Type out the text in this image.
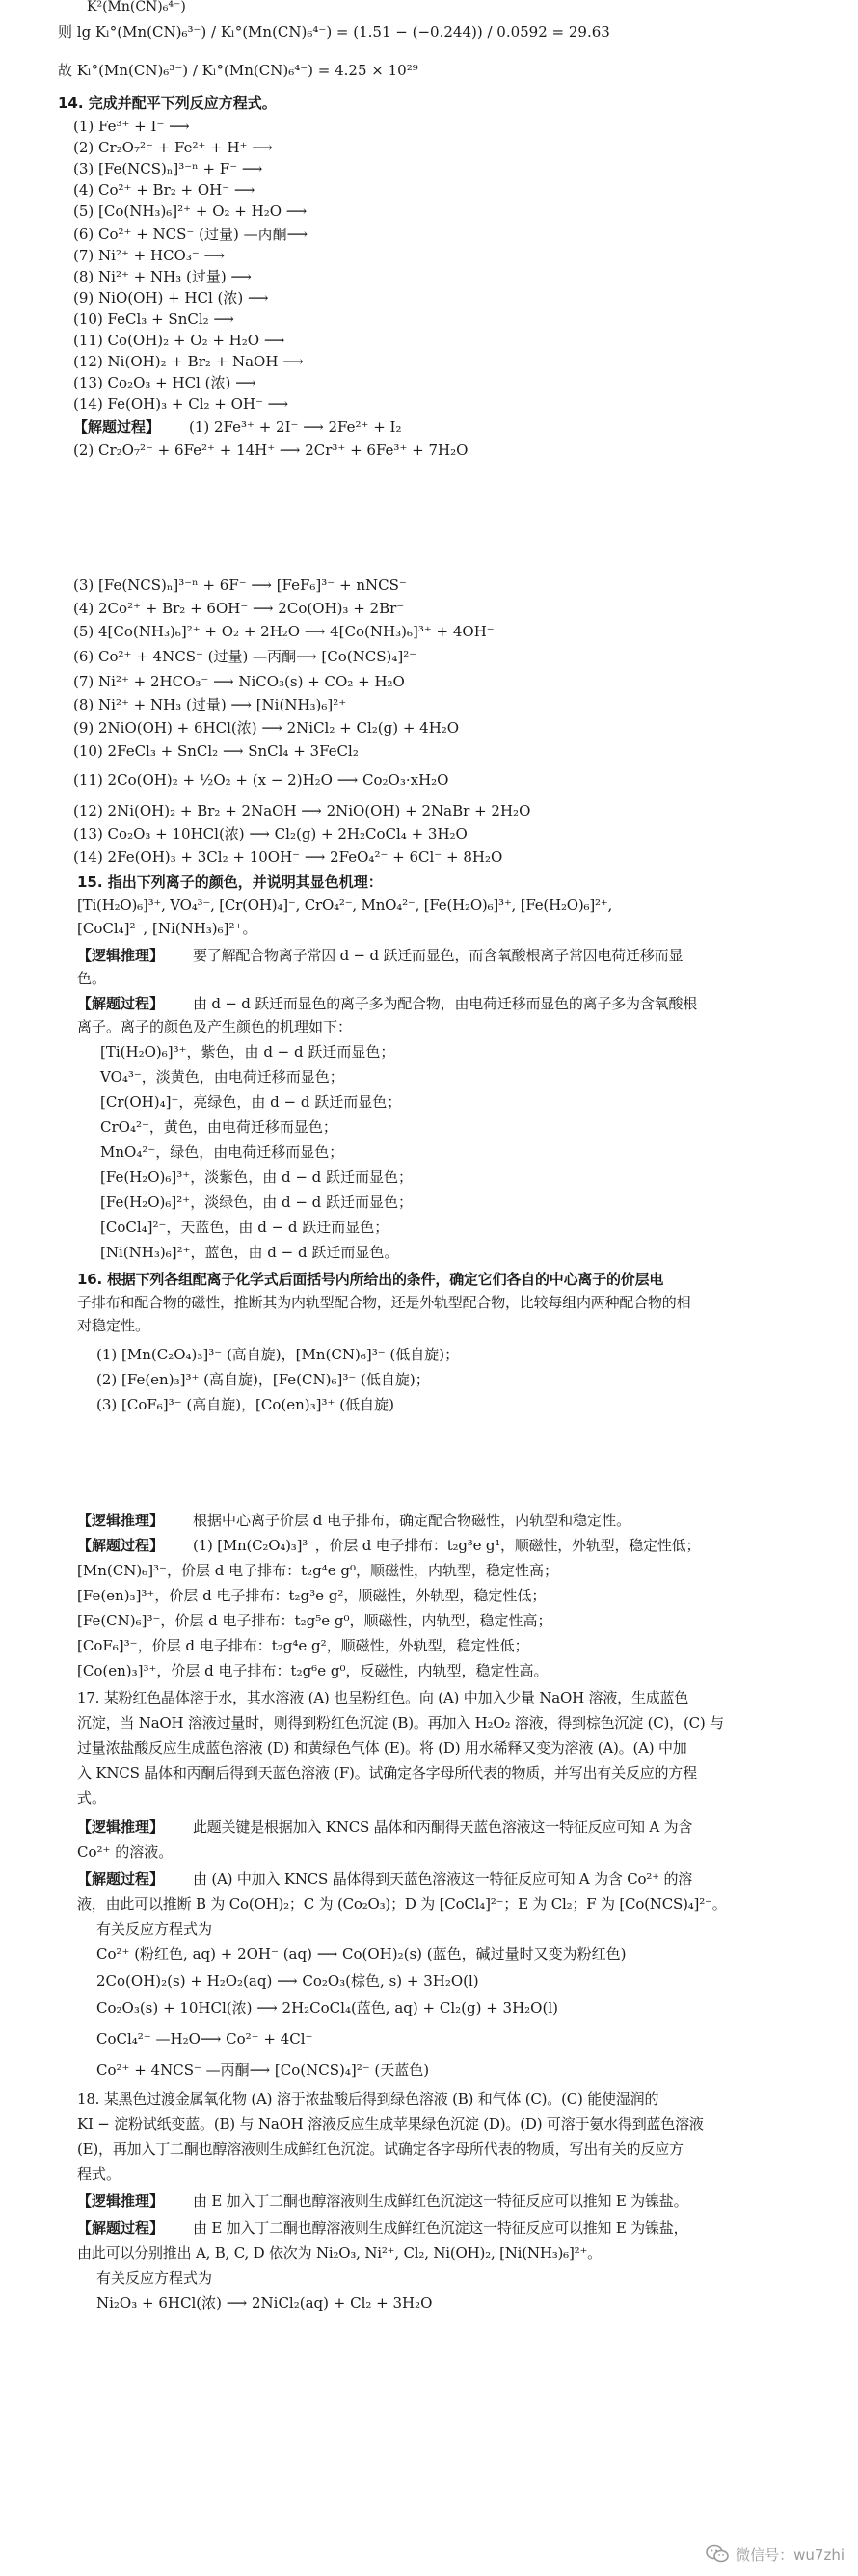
K²(Mn(CN)₆⁴⁻)
则 lg Kₗ°(Mn(CN)₆³⁻) / Kₗ°(Mn(CN)₆⁴⁻) = (1.51 − (−0.244)) / 0.0592 = 29.63
故 Kₗ°(Mn(CN)₆³⁻) / Kₗ°(Mn(CN)₆⁴⁻) = 4.25 × 10²⁹
14. 完成并配平下列反应方程式。
(1) Fe³⁺ + I⁻ ⟶
(2) Cr₂O₇²⁻ + Fe²⁺ + H⁺ ⟶
(3) [Fe(NCS)ₙ]³⁻ⁿ + F⁻ ⟶
(4) Co²⁺ + Br₂ + OH⁻ ⟶
(5) [Co(NH₃)₆]²⁺ + O₂ + H₂O ⟶
(6) Co²⁺ + NCS⁻ (过量) —丙酮⟶
(7) Ni²⁺ + HCO₃⁻ ⟶
(8) Ni²⁺ + NH₃ (过量) ⟶
(9) NiO(OH) + HCl (浓) ⟶
(10) FeCl₃ + SnCl₂ ⟶
(11) Co(OH)₂ + O₂ + H₂O ⟶
(12) Ni(OH)₂ + Br₂ + NaOH ⟶
(13) Co₂O₃ + HCl (浓) ⟶
(14) Fe(OH)₃ + Cl₂ + OH⁻ ⟶
【解题过程】 (1) 2Fe³⁺ + 2I⁻ ⟶ 2Fe²⁺ + I₂
(2) Cr₂O₇²⁻ + 6Fe²⁺ + 14H⁺ ⟶ 2Cr³⁺ + 6Fe³⁺ + 7H₂O
(3) [Fe(NCS)ₙ]³⁻ⁿ + 6F⁻ ⟶ [FeF₆]³⁻ + nNCS⁻
(4) 2Co²⁺ + Br₂ + 6OH⁻ ⟶ 2Co(OH)₃ + 2Br⁻
(5) 4[Co(NH₃)₆]²⁺ + O₂ + 2H₂O ⟶ 4[Co(NH₃)₆]³⁺ + 4OH⁻
(6) Co²⁺ + 4NCS⁻ (过量) —丙酮⟶ [Co(NCS)₄]²⁻
(7) Ni²⁺ + 2HCO₃⁻ ⟶ NiCO₃(s) + CO₂ + H₂O
(8) Ni²⁺ + NH₃ (过量) ⟶ [Ni(NH₃)₆]²⁺
(9) 2NiO(OH) + 6HCl(浓) ⟶ 2NiCl₂ + Cl₂(g) + 4H₂O
(10) 2FeCl₃ + SnCl₂ ⟶ SnCl₄ + 3FeCl₂
(11) 2Co(OH)₂ + ½O₂ + (x − 2)H₂O ⟶ Co₂O₃·xH₂O
(12) 2Ni(OH)₂ + Br₂ + 2NaOH ⟶ 2NiO(OH) + 2NaBr + 2H₂O
(13) Co₂O₃ + 10HCl(浓) ⟶ Cl₂(g) + 2H₂CoCl₄ + 3H₂O
(14) 2Fe(OH)₃ + 3Cl₂ + 10OH⁻ ⟶ 2FeO₄²⁻ + 6Cl⁻ + 8H₂O
15. 指出下列离子的颜色，并说明其显色机理：
[Ti(H₂O)₆]³⁺, VO₄³⁻, [Cr(OH)₄]⁻, CrO₄²⁻, MnO₄²⁻, [Fe(H₂O)₆]³⁺, [Fe(H₂O)₆]²⁺,
[CoCl₄]²⁻, [Ni(NH₃)₆]²⁺。
【逻辑推理】 要了解配合物离子常因 d − d 跃迁而显色，而含氧酸根离子常因电荷迁移而显
色。
【解题过程】 由 d − d 跃迁而显色的离子多为配合物，由电荷迁移而显色的离子多为含氧酸根
离子。离子的颜色及产生颜色的机理如下：
[Ti(H₂O)₆]³⁺，紫色，由 d − d 跃迁而显色；
VO₄³⁻，淡黄色，由电荷迁移而显色；
[Cr(OH)₄]⁻，亮绿色，由 d − d 跃迁而显色；
CrO₄²⁻，黄色，由电荷迁移而显色；
MnO₄²⁻，绿色，由电荷迁移而显色；
[Fe(H₂O)₆]³⁺，淡紫色，由 d − d 跃迁而显色；
[Fe(H₂O)₆]²⁺，淡绿色，由 d − d 跃迁而显色；
[CoCl₄]²⁻，天蓝色，由 d − d 跃迁而显色；
[Ni(NH₃)₆]²⁺，蓝色，由 d − d 跃迁而显色。
16. 根据下列各组配离子化学式后面括号内所给出的条件，确定它们各自的中心离子的价层电
子排布和配合物的磁性，推断其为内轨型配合物，还是外轨型配合物，比较每组内两种配合物的相
对稳定性。
(1) [Mn(C₂O₄)₃]³⁻ (高自旋)，[Mn(CN)₆]³⁻ (低自旋)；
(2) [Fe(en)₃]³⁺ (高自旋)，[Fe(CN)₆]³⁻ (低自旋)；
(3) [CoF₆]³⁻ (高自旋)，[Co(en)₃]³⁺ (低自旋)
【逻辑推理】 根据中心离子价层 d 电子排布，确定配合物磁性，内轨型和稳定性。
【解题过程】 (1) [Mn(C₂O₄)₃]³⁻，价层 d 电子排布：t₂g³e g¹，顺磁性，外轨型，稳定性低；
[Mn(CN)₆]³⁻，价层 d 电子排布：t₂g⁴e g⁰，顺磁性，内轨型，稳定性高；
[Fe(en)₃]³⁺，价层 d 电子排布：t₂g³e g²，顺磁性，外轨型，稳定性低；
[Fe(CN)₆]³⁻，价层 d 电子排布：t₂g⁵e g⁰，顺磁性，内轨型，稳定性高；
[CoF₆]³⁻，价层 d 电子排布：t₂g⁴e g²，顺磁性，外轨型，稳定性低；
[Co(en)₃]³⁺，价层 d 电子排布：t₂g⁶e g⁰，反磁性，内轨型，稳定性高。
17. 某粉红色晶体溶于水，其水溶液 (A) 也呈粉红色。向 (A) 中加入少量 NaOH 溶液，生成蓝色
沉淀，当 NaOH 溶液过量时，则得到粉红色沉淀 (B)。再加入 H₂O₂ 溶液，得到棕色沉淀 (C)，(C) 与
过量浓盐酸反应生成蓝色溶液 (D) 和黄绿色气体 (E)。将 (D) 用水稀释又变为溶液 (A)。(A) 中加
入 KNCS 晶体和丙酮后得到天蓝色溶液 (F)。试确定各字母所代表的物质，并写出有关反应的方程
式。
【逻辑推理】 此题关键是根据加入 KNCS 晶体和丙酮得天蓝色溶液这一特征反应可知 A 为含
Co²⁺ 的溶液。
【解题过程】 由 (A) 中加入 KNCS 晶体得到天蓝色溶液这一特征反应可知 A 为含 Co²⁺ 的溶
液，由此可以推断 B 为 Co(OH)₂；C 为 (Co₂O₃)；D 为 [CoCl₄]²⁻；E 为 Cl₂；F 为 [Co(NCS)₄]²⁻。
有关反应方程式为
Co²⁺ (粉红色, aq) + 2OH⁻ (aq) ⟶ Co(OH)₂(s) (蓝色，碱过量时又变为粉红色)
2Co(OH)₂(s) + H₂O₂(aq) ⟶ Co₂O₃(棕色, s) + 3H₂O(l)
Co₂O₃(s) + 10HCl(浓) ⟶ 2H₂CoCl₄(蓝色, aq) + Cl₂(g) + 3H₂O(l)
CoCl₄²⁻ —H₂O⟶ Co²⁺ + 4Cl⁻
Co²⁺ + 4NCS⁻ —丙酮⟶ [Co(NCS)₄]²⁻ (天蓝色)
18. 某黑色过渡金属氧化物 (A) 溶于浓盐酸后得到绿色溶液 (B) 和气体 (C)。(C) 能使湿润的
KI − 淀粉试纸变蓝。(B) 与 NaOH 溶液反应生成苹果绿色沉淀 (D)。(D) 可溶于氨水得到蓝色溶液
(E)，再加入丁二酮也醇溶液则生成鲜红色沉淀。试确定各字母所代表的物质，写出有关的反应方
程式。
【逻辑推理】 由 E 加入丁二酮也醇溶液则生成鲜红色沉淀这一特征反应可以推知 E 为镍盐。
【解题过程】 由 E 加入丁二酮也醇溶液则生成鲜红色沉淀这一特征反应可以推知 E 为镍盐，
由此可以分别推出 A, B, C, D 依次为 Ni₂O₃, Ni²⁺, Cl₂, Ni(OH)₂, [Ni(NH₃)₆]²⁺。
有关反应方程式为
Ni₂O₃ + 6HCl(浓) ⟶ 2NiCl₂(aq) + Cl₂ + 3H₂O
微信号：wu7zhi
